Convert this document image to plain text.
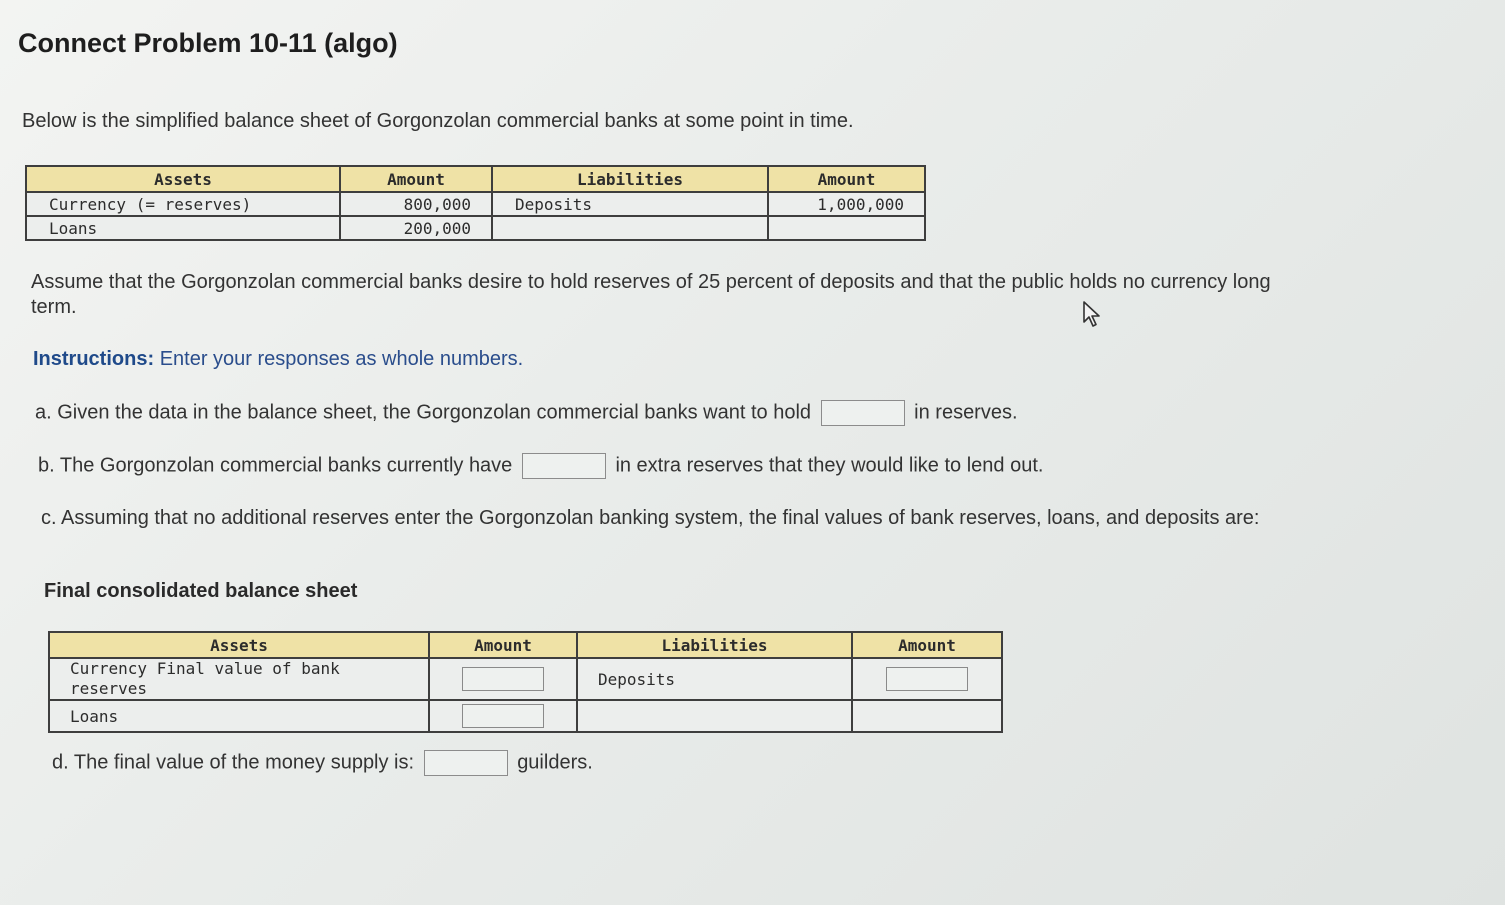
Connect Problem 10-11 (algo)
Below is the simplified balance sheet of Gorgonzolan commercial banks at some point in time.
Assets	Amount	Liabilities	Amount
Currency (= reserves)	800,000	Deposits	1,000,000
Loans	200,000		
Assume that the Gorgonzolan commercial banks desire to hold reserves of 25 percent of deposits and that the public holds no currency long term.
Instructions: Enter your responses as whole numbers.
a. Given the data in the balance sheet, the Gorgonzolan commercial banks want to hold	in reserves.
b. The Gorgonzolan commercial banks currently have	in extra reserves that they would like to lend out.
c. Assuming that no additional reserves enter the Gorgonzolan banking system, the final values of bank reserves, loans, and deposits are:
Final consolidated balance sheet
Assets	Amount	Liabilities	Amount
Currency Final value of bank reserves		Deposits	

Loans	

d. The final value of the money supply is:	guilders.
